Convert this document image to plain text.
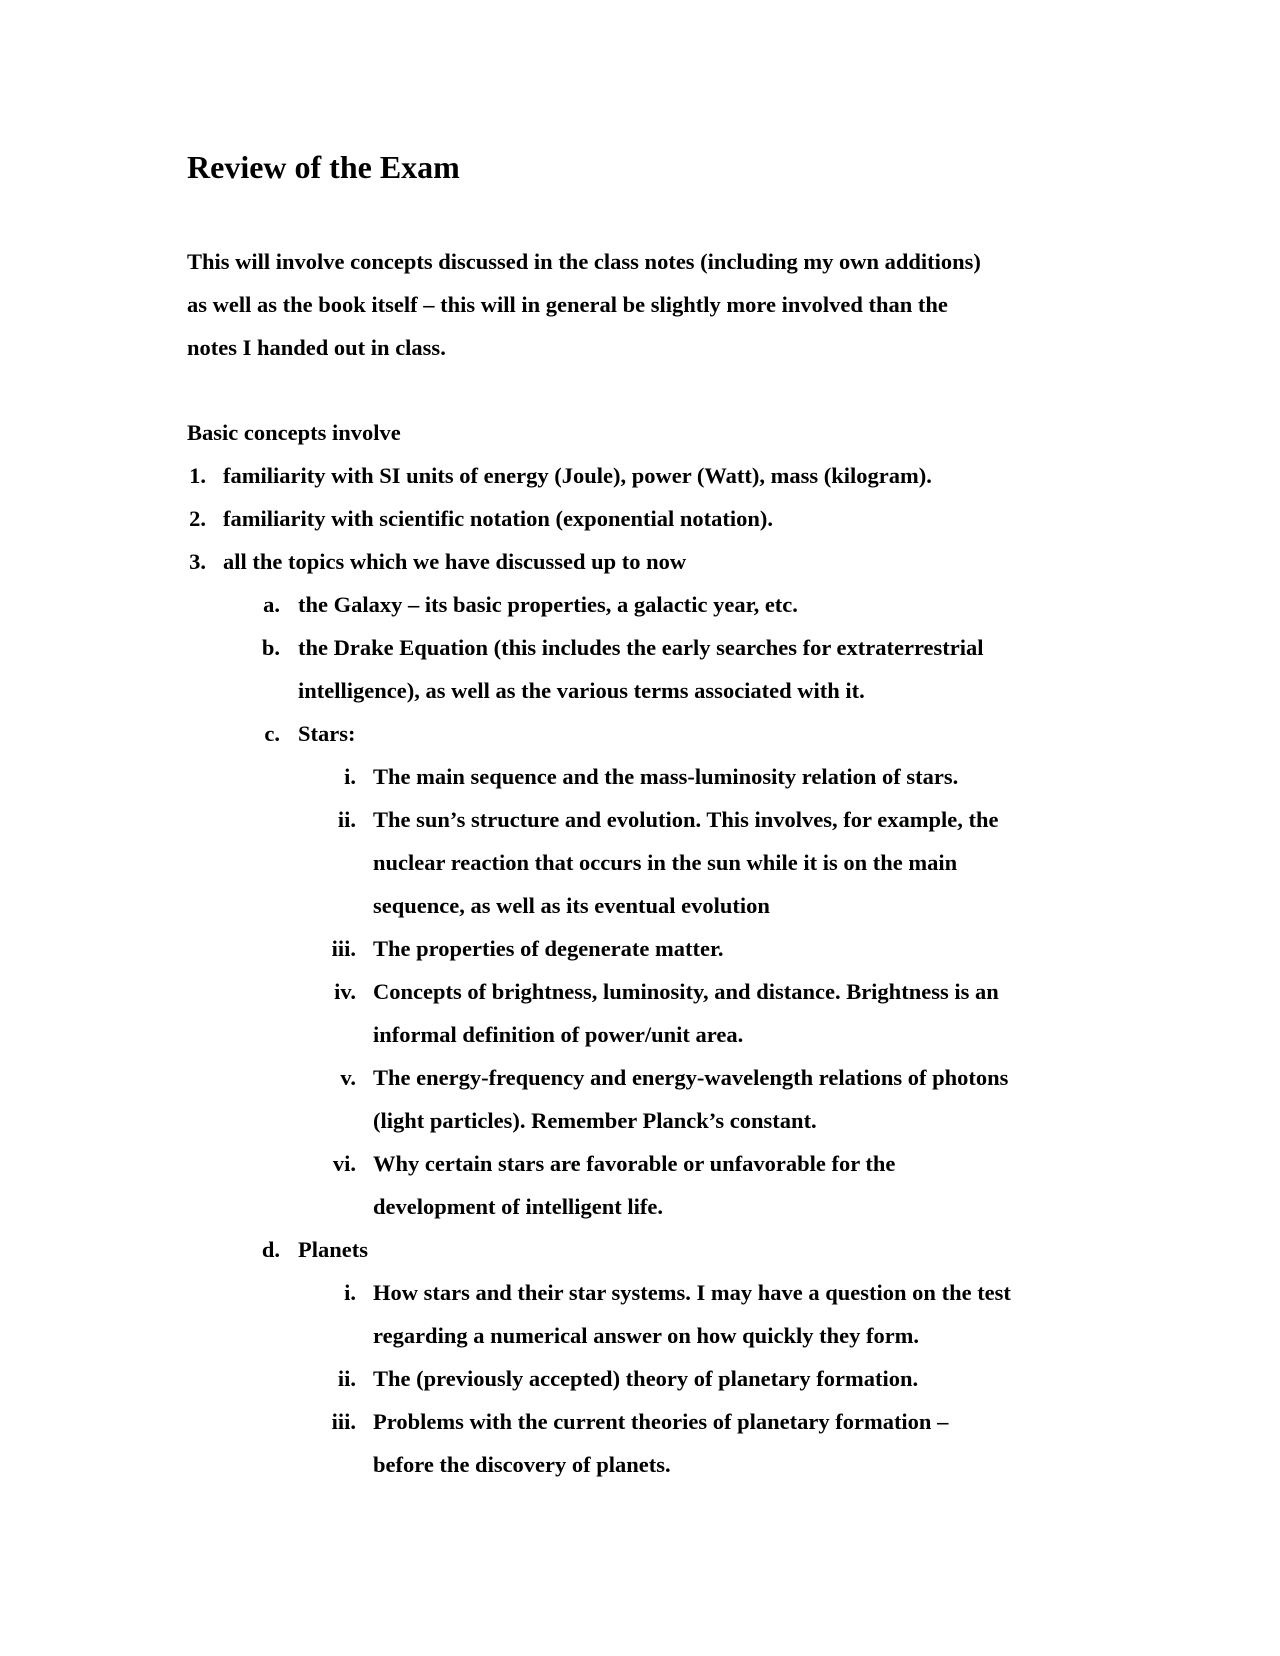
Review of the Exam
This will involve concepts discussed in the class notes (including my own additions)
as well as the book itself – this will in general be slightly more involved than the
notes I handed out in class.
Basic concepts involve
1. familiarity with SI units of energy (Joule), power (Watt), mass (kilogram).
2. familiarity with scientific notation (exponential notation).
3. all the topics which we have discussed up to now
a. the Galaxy – its basic properties, a galactic year, etc.
b. the Drake Equation (this includes the early searches for extraterrestrial
intelligence), as well as the various terms associated with it.
c. Stars:
i. The main sequence and the mass-luminosity relation of stars.
ii. The sun’s structure and evolution. This involves, for example, the
nuclear reaction that occurs in the sun while it is on the main
sequence, as well as its eventual evolution
iii. The properties of degenerate matter.
iv. Concepts of brightness, luminosity, and distance. Brightness is an
informal definition of power/unit area.
v. The energy-frequency and energy-wavelength relations of photons
(light particles). Remember Planck’s constant.
vi. Why certain stars are favorable or unfavorable for the
development of intelligent life.
d. Planets
i. How stars and their star systems. I may have a question on the test
regarding a numerical answer on how quickly they form.
ii. The (previously accepted) theory of planetary formation.
iii. Problems with the current theories of planetary formation –
before the discovery of planets.
